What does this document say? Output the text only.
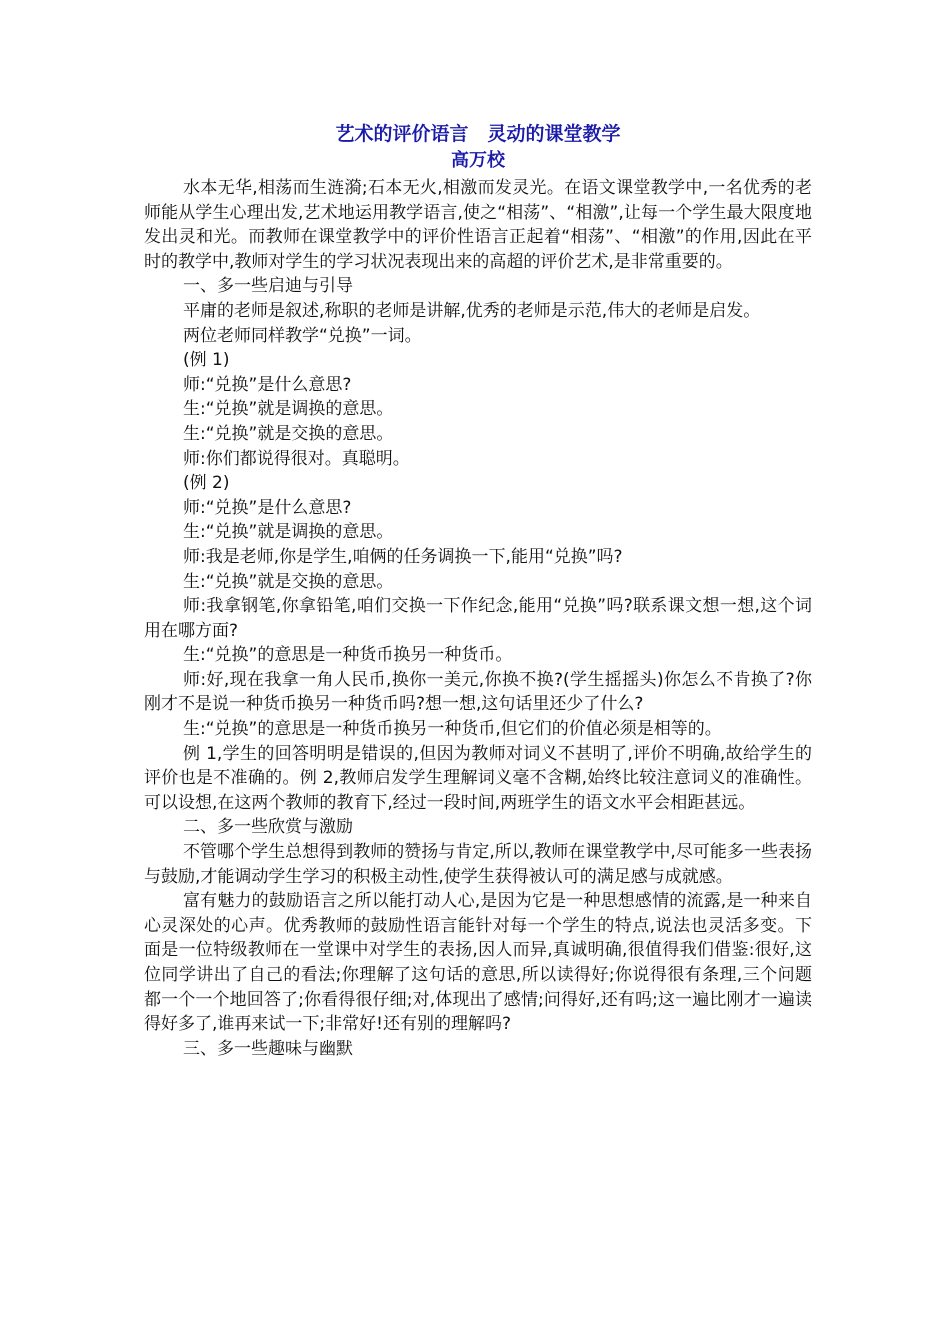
艺术的评价语言　灵动的课堂教学
高万校

水本无华,相荡而生涟漪;石本无火,相激而发灵光。在语文课堂教学中,一名优秀的老师能从学生心理出发,艺术地运用教学语言,使之“相荡”、“相激”,让每一个学生最大限度地发出灵和光。而教师在课堂教学中的评价性语言正起着“相荡”、“相激”的作用,因此在平时的教学中,教师对学生的学习状况表现出来的高超的评价艺术,是非常重要的。

一、多一些启迪与引导

平庸的老师是叙述,称职的老师是讲解,优秀的老师是示范,伟大的老师是启发。

两位老师同样教学“兑换”一词。

(例 1)

师:“兑换”是什么意思?

生:“兑换”就是调换的意思。

生:“兑换”就是交换的意思。

师:你们都说得很对。真聪明。

(例 2)

师:“兑换”是什么意思?

生:“兑换”就是调换的意思。

师:我是老师,你是学生,咱俩的任务调换一下,能用“兑换”吗?

生:“兑换”就是交换的意思。

师:我拿钢笔,你拿铅笔,咱们交换一下作纪念,能用“兑换”吗?联系课文想一想,这个词用在哪方面?

生:“兑换”的意思是一种货币换另一种货币。

师:好,现在我拿一角人民币,换你一美元,你换不换?(学生摇摇头)你怎么不肯换了?你刚才不是说一种货币换另一种货币吗?想一想,这句话里还少了什么?

生:“兑换”的意思是一种货币换另一种货币,但它们的价值必须是相等的。

例 1,学生的回答明明是错误的,但因为教师对词义不甚明了,评价不明确,故给学生的评价也是不准确的。例 2,教师启发学生理解词义毫不含糊,始终比较注意词义的准确性。可以设想,在这两个教师的教育下,经过一段时间,两班学生的语文水平会相距甚远。

二、多一些欣赏与激励

不管哪个学生总想得到教师的赞扬与肯定,所以,教师在课堂教学中,尽可能多一些表扬与鼓励,才能调动学生学习的积极主动性,使学生获得被认可的满足感与成就感。

富有魅力的鼓励语言之所以能打动人心,是因为它是一种思想感情的流露,是一种来自心灵深处的心声。优秀教师的鼓励性语言能针对每一个学生的特点,说法也灵活多变。下面是一位特级教师在一堂课中对学生的表扬,因人而异,真诚明确,很值得我们借鉴:很好,这位同学讲出了自己的看法;你理解了这句话的意思,所以读得好;你说得很有条理,三个问题都一个一个地回答了;你看得很仔细;对,体现出了感情;问得好,还有吗;这一遍比刚才一遍读得好多了,谁再来试一下;非常好!还有别的理解吗?

三、多一些趣味与幽默
